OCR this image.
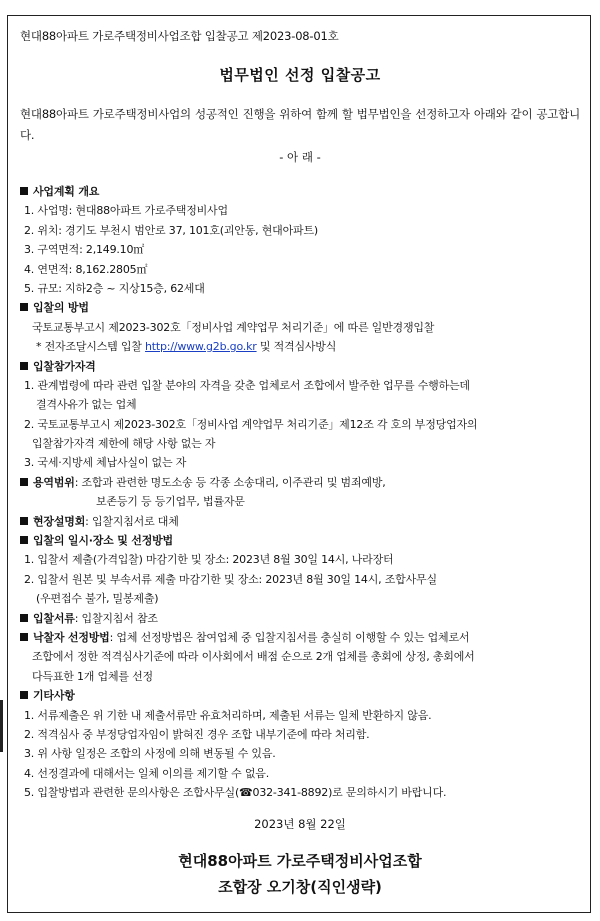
현대88아파트 가로주택정비사업조합 입찰공고 제2023-08-01호
법무법인 선정 입찰공고
현대88아파트 가로주택정비사업의 성공적인 진행을 위하여 함께 할 법무법인을 선정하고자 아래와 같이 공고합니다.
- 아 래 -
사업계획 개요
1. 사업명: 현대88아파트 가로주택정비사업
2. 위치: 경기도 부천시 범안로 37, 101호(괴안동, 현대아파트)
3. 구역면적: 2,149.10㎡
4. 연면적: 8,162.2805㎡
5. 규모: 지하2층 ~ 지상15층, 62세대
입찰의 방법
국토교통부고시 제2023-302호「정비사업 계약업무 처리기준」에 따른 일반경쟁입찰
* 전자조달시스템 입찰 http://www.g2b.go.kr 및 적격심사방식
입찰참가자격
1. 관계법령에 따라 관련 입찰 분야의 자격을 갖춘 업체로서 조합에서 발주한 업무를 수행하는데
결격사유가 없는 업체
2. 국토교통부고시 제2023-302호「정비사업 계약업무 처리기준」제12조 각 호의 부정당업자의
입찰참가자격 제한에 해당 사항 없는 자
3. 국세·지방세 체납사실이 없는 자
용역범위: 조합과 관련한 명도소송 등 각종 소송대리, 이주관리 및 범죄예방,
보존등기 등 등기업무, 법률자문
현장설명회: 입찰지침서로 대체
입찰의 일시·장소 및 선정방법
1. 입찰서 제출(가격입찰) 마감기한 및 장소: 2023년 8월 30일 14시, 나라장터
2. 입찰서 원본 및 부속서류 제출 마감기한 및 장소: 2023년 8월 30일 14시, 조합사무실
(우편접수 불가, 밀봉제출)
입찰서류: 입찰지침서 참조
낙찰자 선정방법: 업체 선정방법은 참여업체 중 입찰지침서를 충실히 이행할 수 있는 업체로서
조합에서 정한 적격심사기준에 따라 이사회에서 배점 순으로 2개 업체를 총회에 상정, 총회에서
다득표한 1개 업체를 선정
기타사항
1. 서류제출은 위 기한 내 제출서류만 유효처리하며, 제출된 서류는 일체 반환하지 않음.
2. 적격심사 중 부정당업자임이 밝혀진 경우 조합 내부기준에 따라 처리함.
3. 위 사항 일정은 조합의 사정에 의해 변동될 수 있음.
4. 선정결과에 대해서는 일체 이의를 제기할 수 없음.
5. 입찰방법과 관련한 문의사항은 조합사무실(☎032-341-8892)로 문의하시기 바랍니다.
2023년 8월 22일
현대88아파트 가로주택정비사업조합
조합장 오기창(직인생략)
